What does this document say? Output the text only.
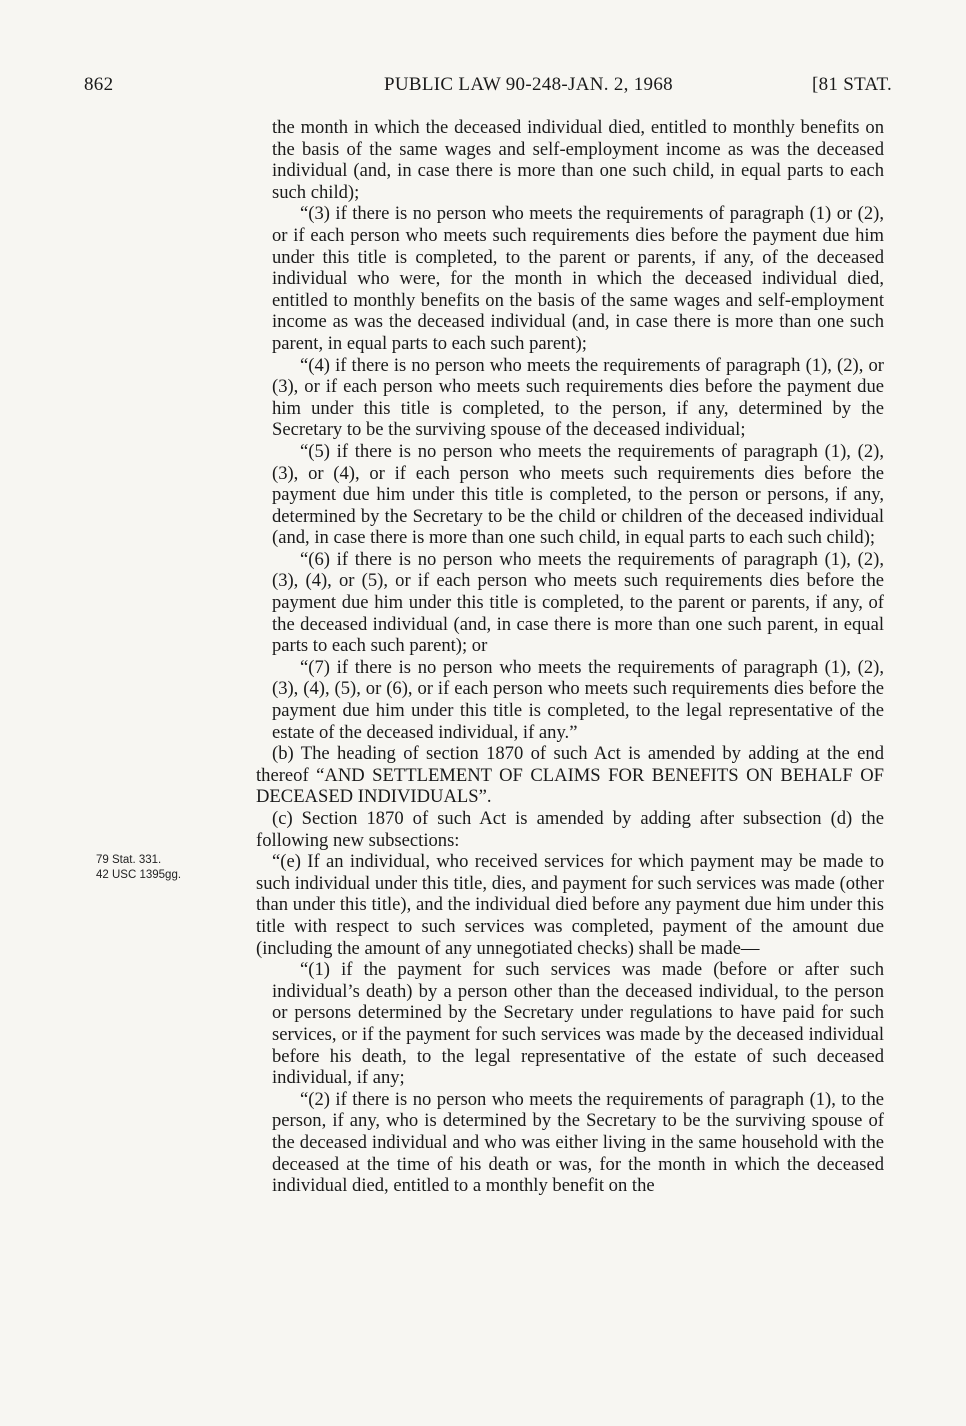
862	PUBLIC LAW 90-248-JAN. 2, 1968	[81 STAT.
79 Stat. 331.
42 USC 1395gg.

the month in which the deceased individual died, entitled to monthly benefits on the basis of the same wages and self-employment income as was the deceased individual (and, in case there is more than one such child, in equal parts to each such child);

“(3) if there is no person who meets the requirements of paragraph (1) or (2), or if each person who meets such requirements dies before the payment due him under this title is completed, to the parent or parents, if any, of the deceased individual who were, for the month in which the deceased individual died, entitled to monthly benefits on the basis of the same wages and self-employment income as was the deceased individual (and, in case there is more than one such parent, in equal parts to each such parent);

“(4) if there is no person who meets the requirements of paragraph (1), (2), or (3), or if each person who meets such requirements dies before the payment due him under this title is completed, to the person, if any, determined by the Secretary to be the surviving spouse of the deceased individual;

“(5) if there is no person who meets the requirements of paragraph (1), (2), (3), or (4), or if each person who meets such requirements dies before the payment due him under this title is completed, to the person or persons, if any, determined by the Secretary to be the child or children of the deceased individual (and, in case there is more than one such child, in equal parts to each such child);

“(6) if there is no person who meets the requirements of paragraph (1), (2), (3), (4), or (5), or if each person who meets such requirements dies before the payment due him under this title is completed, to the parent or parents, if any, of the deceased individual (and, in case there is more than one such parent, in equal parts to each such parent); or

“(7) if there is no person who meets the requirements of paragraph (1), (2), (3), (4), (5), or (6), or if each person who meets such requirements dies before the payment due him under this title is completed, to the legal representative of the estate of the deceased individual, if any.”

(b) The heading of section 1870 of such Act is amended by adding at the end thereof “AND SETTLEMENT OF CLAIMS FOR BENEFITS ON BEHALF OF DECEASED INDIVIDUALS”.

(c) Section 1870 of such Act is amended by adding after subsection (d) the following new subsections:

“(e) If an individual, who received services for which payment may be made to such individual under this title, dies, and payment for such services was made (other than under this title), and the individual died before any payment due him under this title with respect to such services was completed, payment of the amount due (including the amount of any unnegotiated checks) shall be made—

“(1) if the payment for such services was made (before or after such individual’s death) by a person other than the deceased individual, to the person or persons determined by the Secretary under regulations to have paid for such services, or if the payment for such services was made by the deceased individual before his death, to the legal representative of the estate of such deceased individual, if any;

“(2) if there is no person who meets the requirements of paragraph (1), to the person, if any, who is determined by the Secretary to be the surviving spouse of the deceased individual and who was either living in the same household with the deceased at the time of his death or was, for the month in which the deceased individual died, entitled to a monthly benefit on the
